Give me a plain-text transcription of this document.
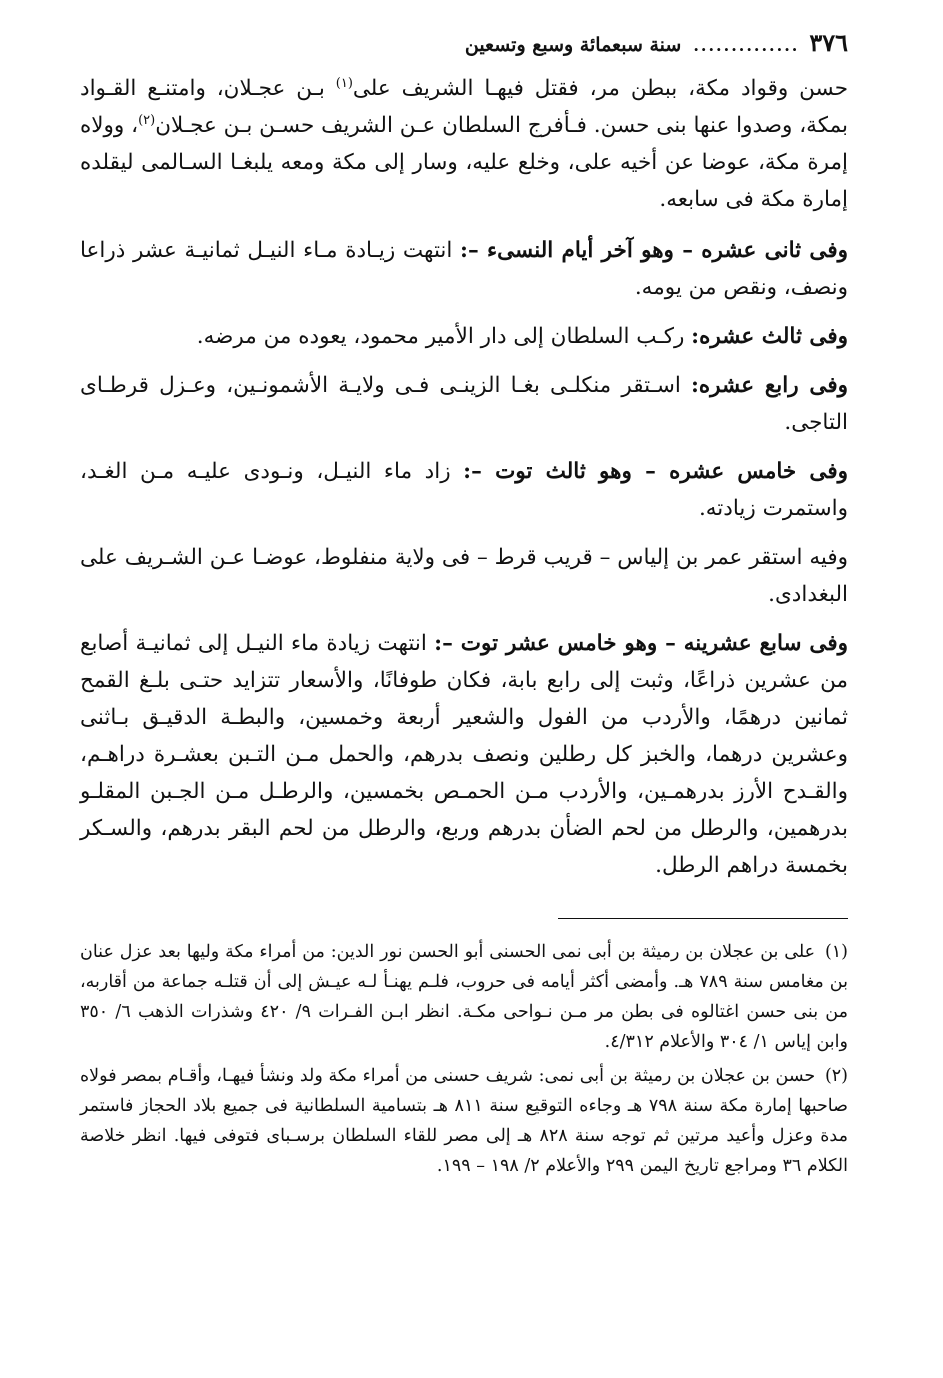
٣٧٦
..............
سنة سبعمائة وسبع وتسعين

حسن وقواد مكة، ببطن مر، فقتل فيهـا الشريف على$^{(١)}$ بـن عجـلان، وامتنـع القـواد بمكة، وصدوا عنها بنى حسن. فـأفرج السلطان عـن الشريف حسـن بـن عجـلان$^{(٢)}$، وولاه إمرة مكة، عوضا عن أخيه على، وخلع عليه، وسار إلى مكة ومعه يلبغـا السـالمى ليقلده إمارة مكة فى سابعه.

وفى ثانى عشره – وهو آخر أيام النسىء –: انتهت زيـادة مـاء النيـل ثمانيـة عشر ذراعا ونصف، ونقص من يومه.

وفى ثالث عشره: ركـب السلطان إلى دار الأمير محمود، يعوده من مرضه.

وفى رابع عشره: اسـتقر منكلـى بغـا الزينـى فـى ولايـة الأشمونـين، وعـزل قرطـاى التاجى.

وفى خامس عشره – وهو ثالث توت –: زاد ماء النيـل، ونـودى عليـه مـن الغـد، واستمرت زيادته.

وفيه استقر عمر بن إلياس – قريب قرط – فى ولاية منفلوط، عوضـا عـن الشـريف على البغدادى.

وفى سابع عشرينه – وهو خامس عشر توت –: انتهت زيادة ماء النيـل إلى ثمانيـة أصابع من عشرين ذراعًا، وثبت إلى رابع بابة، فكان طوفانًا، والأسعار تتزايد حتـى بلـغ القمح ثمانين درهمًا، والأردب من الفول والشعير أربعة وخمسين، والبطـة الدقيـق بـاثنى وعشرين درهما، والخبز كل رطلين ونصف بدرهم، والحمل مـن التـبن بعشـرة دراهـم، والقـدح الأرز بدرهمـين، والأردب مـن الحمـص بخمسين، والرطـل مـن الجـبن المقلـو بدرهمين، والرطل من لحم الضأن بدرهم وربع، والرطل من لحم البقر بدرهم، والسـكر بخمسة دراهم الرطل.

(١) على بن عجلان بن رميثة بن أبى نمى الحسنى أبو الحسن نور الدين: من أمراء مكة وليها بعد عزل عنان بن مغامس سنة ٧٨٩ هـ. وأمضى أكثر أيامه فى حروب، فلـم يهنـأ لـه عيـش إلى أن قتلـه جماعة من أقاربه، من بنى حسن اغتالوه فى بطن مر مـن نـواحى مكـة. انظر ابـن الفـرات ٩/ ٤٢٠ وشذرات الذهب ٦/ ٣٥٠ وابن إياس ١/ ٣٠٤ والأعلام ٤/٣١٢.

(٢) حسن بن عجلان بن رميثة بن أبى نمى: شريف حسنى من أمراء مكة ولد ونشأ فيهـا، وأقـام بمصر فولاه صاحبها إمارة مكة سنة ٧٩٨ هـ وجاءه التوقيع سنة ٨١١ هـ بتسامية السلطانية فى جميع بلاد الحجاز فاستمر مدة وعزل وأعيد مرتين ثم توجه سنة ٨٢٨ هـ إلى مصر للقاء السلطان برسـباى فتوفى فيها. انظر خلاصة الكلام ٣٦ ومراجع تاريخ اليمن ٢٩٩ والأعلام ٢/ ١٩٨ – ١٩٩.
